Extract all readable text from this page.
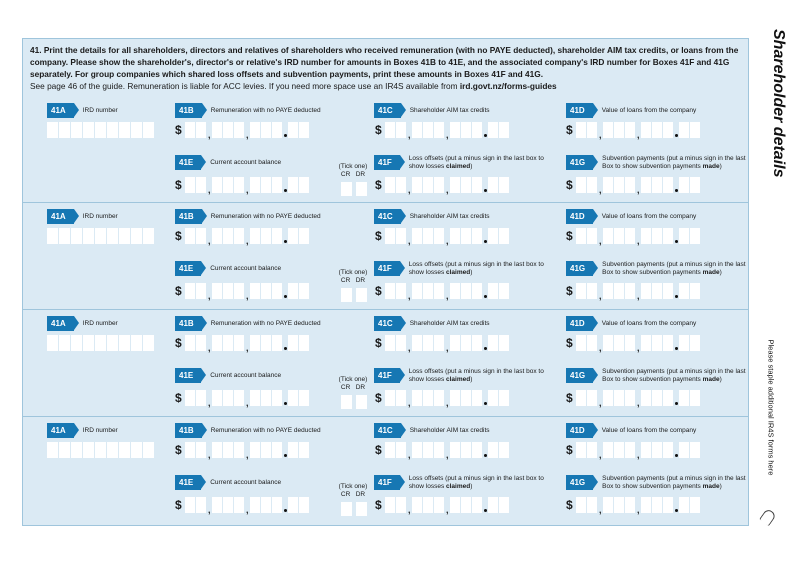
41. Print the details for all shareholders, directors and relatives of shareholders who received remuneration (with no PAYE deducted), shareholder AIM tax credits, or loans from the company. Please show the shareholder's, director's or relative's IRD number for amounts in Boxes 41B to 41E, and the associated company's IRD number for Boxes 41F and 41G separately. For group companies which shared loss offsets and subvention payments, print these amounts in Boxes 41F and 41G.
See page 46 of the guide. Remuneration is liable for ACC levies. If you need more space use an IR4S available from ird.govt.nz/forms-guides	Shareholder details
Please staple additional IR4S forms here
41A	IRD number	41B	Remuneration with no PAYE deducted	41C	Shareholder AIM tax credits	41D	Value of loans from the company
$ , ,	$ , ,	$
,
,
41E	Current account balance	41F	Loss offsets (put a minus sign in the last box to show losses claimed)	41G	Subvention payments (put a minus sign in the last Box to show subvention payments made)
(Tick one)
CR   DR
$ , ,	$ , ,	$
,
,
41A	IRD number	41B	Remuneration with no PAYE deducted	41C	Shareholder AIM tax credits	41D	Value of loans from the company
$ , ,	$ , ,	$
,
,
41E	Current account balance	41F	Loss offsets (put a minus sign in the last box to show losses claimed)	41G	Subvention payments (put a minus sign in the last Box to show subvention payments made)
(Tick one)
CR   DR
$ , ,	$ , ,	$
,
,
41A	IRD number	41B	Remuneration with no PAYE deducted	41C	Shareholder AIM tax credits	41D	Value of loans from the company
$ , ,	$ , ,	$
,
,
41E	Current account balance	41F	Loss offsets (put a minus sign in the last box to show losses claimed)	41G	Subvention payments (put a minus sign in the last Box to show subvention payments made)
(Tick one)
CR   DR
$ , ,	$ , ,	$
,
,
41A	IRD number	41B	Remuneration with no PAYE deducted	41C	Shareholder AIM tax credits	41D	Value of loans from the company
$ , ,	$ , ,	$
,
,
41E	Current account balance	41F	Loss offsets (put a minus sign in the last box to show losses claimed)	41G	Subvention payments (put a minus sign in the last Box to show subvention payments made)
(Tick one)
CR   DR
$ , ,	$ , ,	$
,
,
